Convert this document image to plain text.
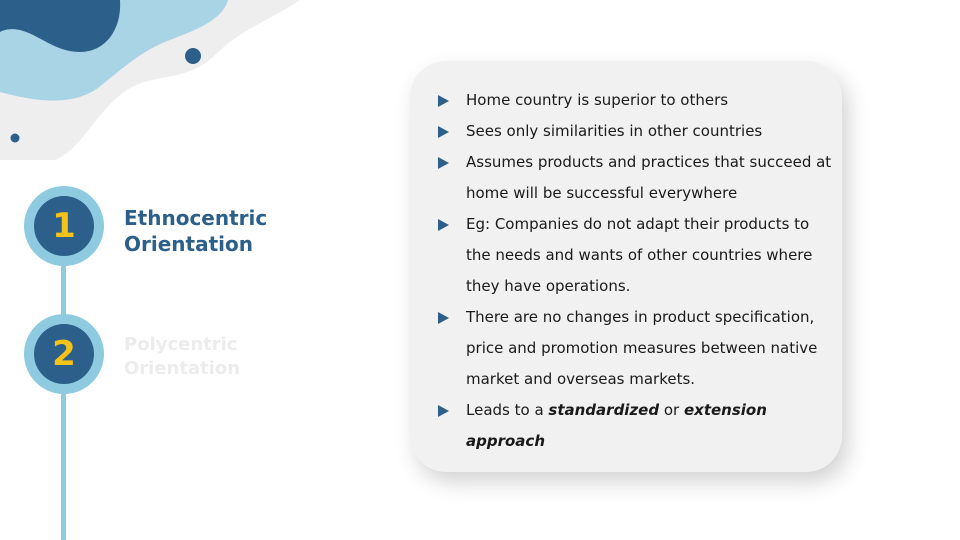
1	Ethnocentric
Orientation
2	Polycentric
Orientation
Home country is superior to others
Sees only similarities in other countries
Assumes products and practices that succeed at home will be successful everywhere
Eg: Companies do not adapt their products to the needs and wants of other countries where they have operations.
There are no changes in product specification, price and promotion measures between native market and overseas markets.
Leads to a standardized or extension approach
